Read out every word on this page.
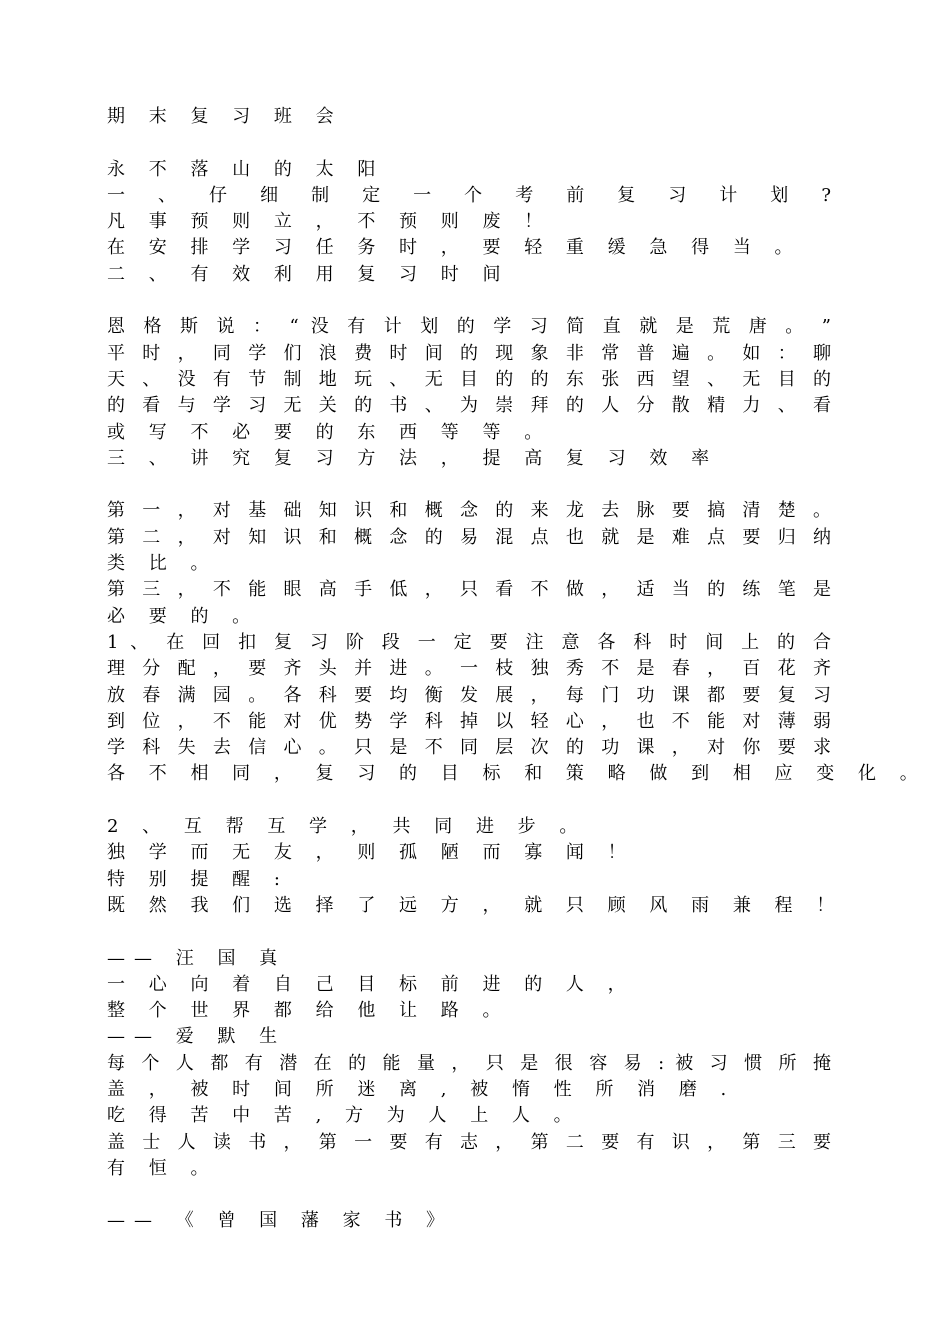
期 末 复 习 班 会
永 不 落 山 的 太 阳
一 、 仔 细 制 定 一 个 考 前 复 习 计 划 ?
凡 事 预 则 立 ， 不 预 则 废 ！
在 安 排 学 习 任 务 时 ， 要 轻 重 缓 急 得 当 。
二 、 有 效 利 用 复 习 时 间
恩 格 斯 说 ： “ 没 有 计 划 的 学 习 简 直 就 是 荒 唐 。 ”
平 时 ， 同 学 们 浪 费 时 间 的 现 象 非 常 普 遍 。 如 ： 聊
天 、 没 有 节 制 地 玩 、 无 目 的 的 东 张 西 望 、 无 目 的
的 看 与 学 习 无 关 的 书 、 为 崇 拜 的 人 分 散 精 力 、 看
或 写 不 必 要 的 东 西 等 等 。
三 、 讲 究 复 习 方 法 ， 提 高 复 习 效 率
第 一 ， 对 基 础 知 识 和 概 念 的 来 龙 去 脉 要 搞 清 楚 。
第 二 ， 对 知 识 和 概 念 的 易 混 点 也 就 是 难 点 要 归 纳
类 比 。
第 三 ， 不 能 眼 高 手 低 ， 只 看 不 做 ， 适 当 的 练 笔 是
必 要 的 。
1 、 在 回 扣 复 习 阶 段 一 定 要 注 意 各 科 时 间 上 的 合
理 分 配 ， 要 齐 头 并 进 。 一 枝 独 秀 不 是 春 ， 百 花 齐
放 春 满 园 。 各 科 要 均 衡 发 展 ， 每 门 功 课 都 要 复 习
到 位 ， 不 能 对 优 势 学 科 掉 以 轻 心 ， 也 不 能 对 薄 弱
学 科 失 去 信 心 。 只 是 不 同 层 次 的 功 课 ， 对 你 要 求
各 不 相 同 ， 复 习 的 目 标 和 策 略 做 到 相 应 变 化 。
2 、 互 帮 互 学 ， 共 同 进 步 。
独 学 而 无 友 ， 则 孤 陋 而 寡 闻 ！
特 别 提 醒 :
既 然 我 们 选 择 了 远 方 ， 就 只 顾 风 雨 兼 程 ！
—— 汪 国 真
一 心 向 着 自 己 目 标 前 进 的 人 ，
整 个 世 界 都 给 他 让 路 。
—— 爱 默 生
每 个 人 都 有 潜 在 的 能 量 ， 只 是 很 容 易 : 被 习 惯 所 掩
盖 ， 被 时 间 所 迷 离 , 被 惰 性 所 消 磨 .
吃 得 苦 中 苦 , 方 为 人 上 人 。
盖 士 人 读 书 ， 第 一 要 有 志 ， 第 二 要 有 识 ， 第 三 要
有 恒 。
—— 《 曾 国 藩 家 书 》
